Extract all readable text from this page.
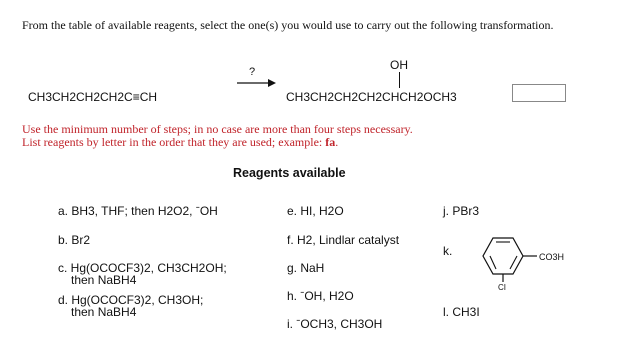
From the table of available reagents, select the one(s) you would use to carry out the following transformation.
CH3CH2CH2CH2C≡CH
?	OH
CH3CH2CH2CH2CHCH2OCH3
Use the minimum number of steps; in no case are more than four steps necessary.
List reagents by letter in the order that they are used; example: fa.
Reagents available
a. BH3, THF; then H2O2, ˉOH
b. Br2
c. Hg(OCOCF3)2, CH3CH2OH;
then NaBH4
d. Hg(OCOCF3)2, CH3OH;
then NaBH4
e. HI, H2O
f. H2, Lindlar catalyst
g. NaH
h. ˉOH, H2O
i. ˉOCH3, CH3OH
j. PBr3
k.	CO3H
CI
l. CH3I
